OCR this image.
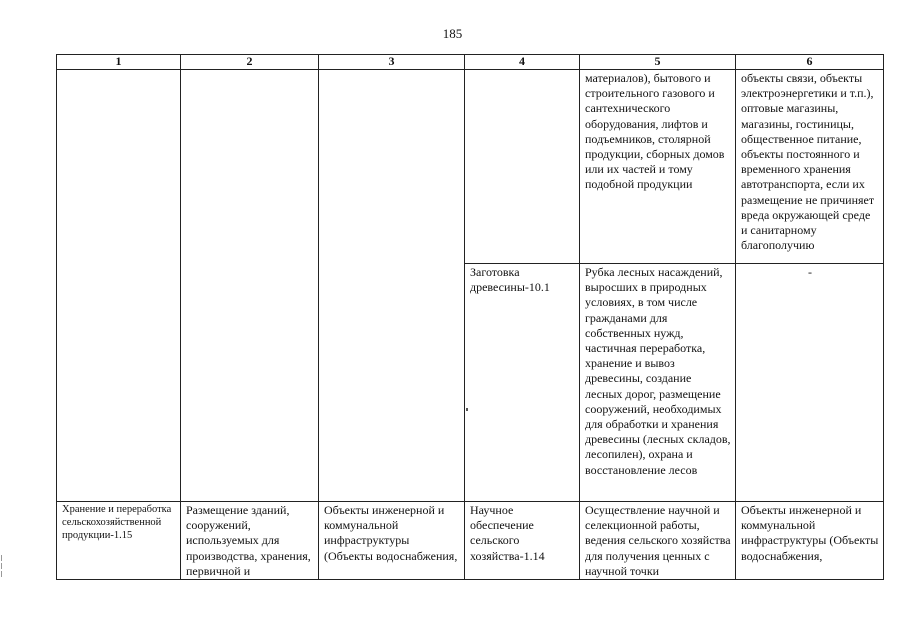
185
1	2	3	4	5	6
				материалов), бытового и строительного газового и сантехнического оборудования, лифтов и подъемников, столярной продукции, сборных домов или их частей и тому подобной продукции	объекты связи, объекты электроэнергетики и т.п.), оптовые магазины, магазины, гостиницы, общественное питание, объекты постоянного и временного хранения автотранспорта, если их размещение не причиняет вреда окружающей среде и санитарному благополучию
			Заготовка древесины-10.1	Рубка лесных насаждений, выросших в природных условиях, в том числе гражданами для собственных нужд, частичная переработка, хранение и вывоз древесины, создание лесных дорог, размещение сооружений, необходимых для обработки и хранения древесины (лесных складов, лесопилен), охрана и восстановление лесов	-
Хранение и переработка сельскохозяйственной продукции-1.15	Размещение зданий, сооружений, используемых для производства, хранения, первичной и	Объекты инженерной и коммунальной инфраструктуры (Объекты водоснабжения,	Научное обеспечение сельского хозяйства-1.14	Осуществление научной и селекционной работы, ведения сельского хозяйства для получения ценных с научной точки	Объекты инженерной и коммунальной инфраструктуры (Объекты водоснабжения,
